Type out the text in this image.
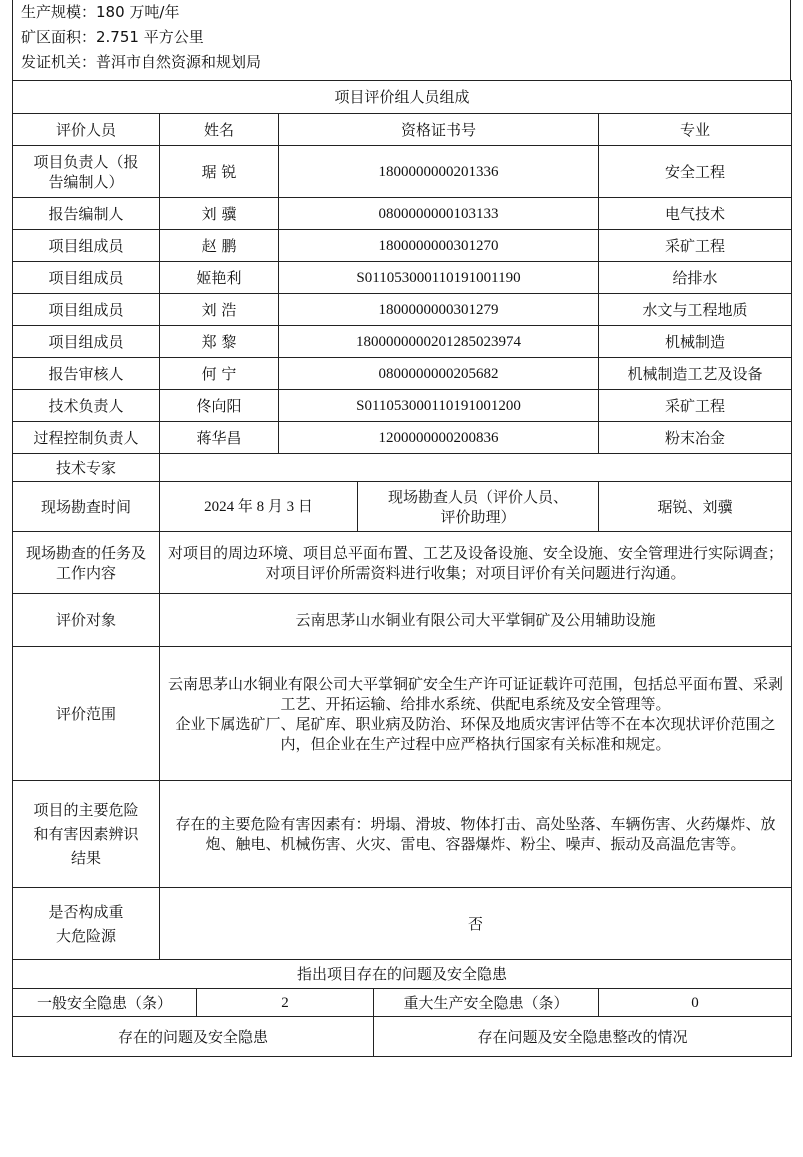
生产规模：180 万吨/年
矿区面积：2.751 平方公里
发证机关：普洱市自然资源和规划局
项目评价组人员组成						
评价人员	姓名		资格证书号			专业
项目负责人（报告编制人）	琚 锐		1800000000201336			安全工程
报告编制人	刘 骥		0800000000103133			电气技术
项目组成员	赵 鹏		1800000000301270			采矿工程
项目组成员	姬艳利		S011053000110191001190			给排水
项目组成员	刘 浩		1800000000301279			水文与工程地质
项目组成员	郑 黎		1800000000201285023974			机械制造
报告审核人	何 宁		0800000000205682			机械制造工艺及设备
技术负责人	佟向阳		S011053000110191001200			采矿工程
过程控制负责人	蒋华昌		1200000000200836			粉末冶金
技术专家						
现场勘查时间	2024 年 8 月 3 日			现场勘查人员（评价人员、评价助理）		琚锐、刘骥
现场勘查的任务及工作内容	对项目的周边环境、项目总平面布置、工艺及设备设施、安全设施、安全管理进行实际调查；对项目评价所需资料进行收集；对项目评价有关问题进行沟通。					
评价对象	云南思茅山水铜业有限公司大平掌铜矿及公用辅助设施					
评价范围	云南思茅山水铜业有限公司大平掌铜矿安全生产许可证证载许可范围，包括总平面布置、采剥工艺、开拓运输、给排水系统、供配电系统及安全管理等。
企业下属选矿厂、尾矿库、职业病及防治、环保及地质灾害评估等不在本次现状评价范围之内，但企业在生产过程中应严格执行国家有关标准和规定。					

项目的主要危险和有害因素辨识结果	存在的主要危险有害因素有：坍塌、滑坡、物体打击、高处坠落、车辆伤害、火药爆炸、放炮、触电、机械伤害、火灾、雷电、容器爆炸、粉尘、噪声、振动及高温危害等。					
是否构成重大危险源	否					
指出项目存在的问题及安全隐患						
一般安全隐患（条）		2			重大生产安全隐患（条）	0
存在的问题及安全隐患					存在问题及安全隐患整改的情况	
